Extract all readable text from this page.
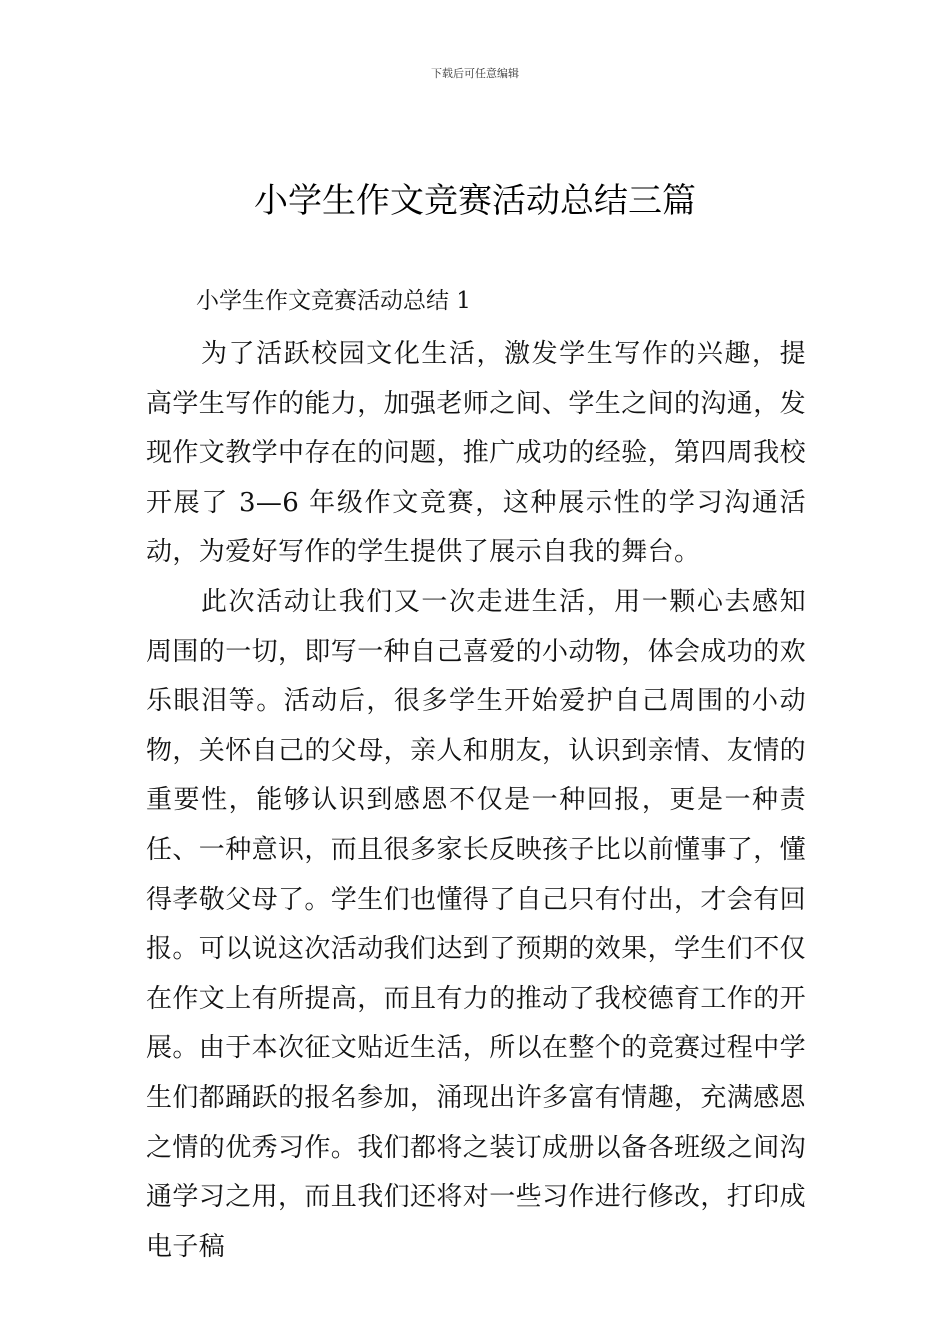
下载后可任意编辑
小学生作文竞赛活动总结三篇
小学生作文竞赛活动总结 1

为了活跃校园文化生活，激发学生写作的兴趣，提高学生写作的能力，加强老师之间、学生之间的沟通，发现作文教学中存在的问题，推广成功的经验，第四周我校开展了 3—6 年级作文竞赛，这种展示性的学习沟通活动，为爱好写作的学生提供了展示自我的舞台。

此次活动让我们又一次走进生活，用一颗心去感知周围的一切，即写一种自己喜爱的小动物，体会成功的欢乐眼泪等。活动后，很多学生开始爱护自己周围的小动物，关怀自己的父母，亲人和朋友，认识到亲情、友情的重要性，能够认识到感恩不仅是一种回报，更是一种责任、一种意识，而且很多家长反映孩子比以前懂事了，懂得孝敬父母了。学生们也懂得了自己只有付出，才会有回报。可以说这次活动我们达到了预期的效果，学生们不仅在作文上有所提高，而且有力的推动了我校德育工作的开展。由于本次征文贴近生活，所以在整个的竞赛过程中学生们都踊跃的报名参加，涌现出许多富有情趣，充满感恩之情的优秀习作。我们都将之装订成册以备各班级之间沟通学习之用，而且我们还将对一些习作进行修改，打印成电子稿
